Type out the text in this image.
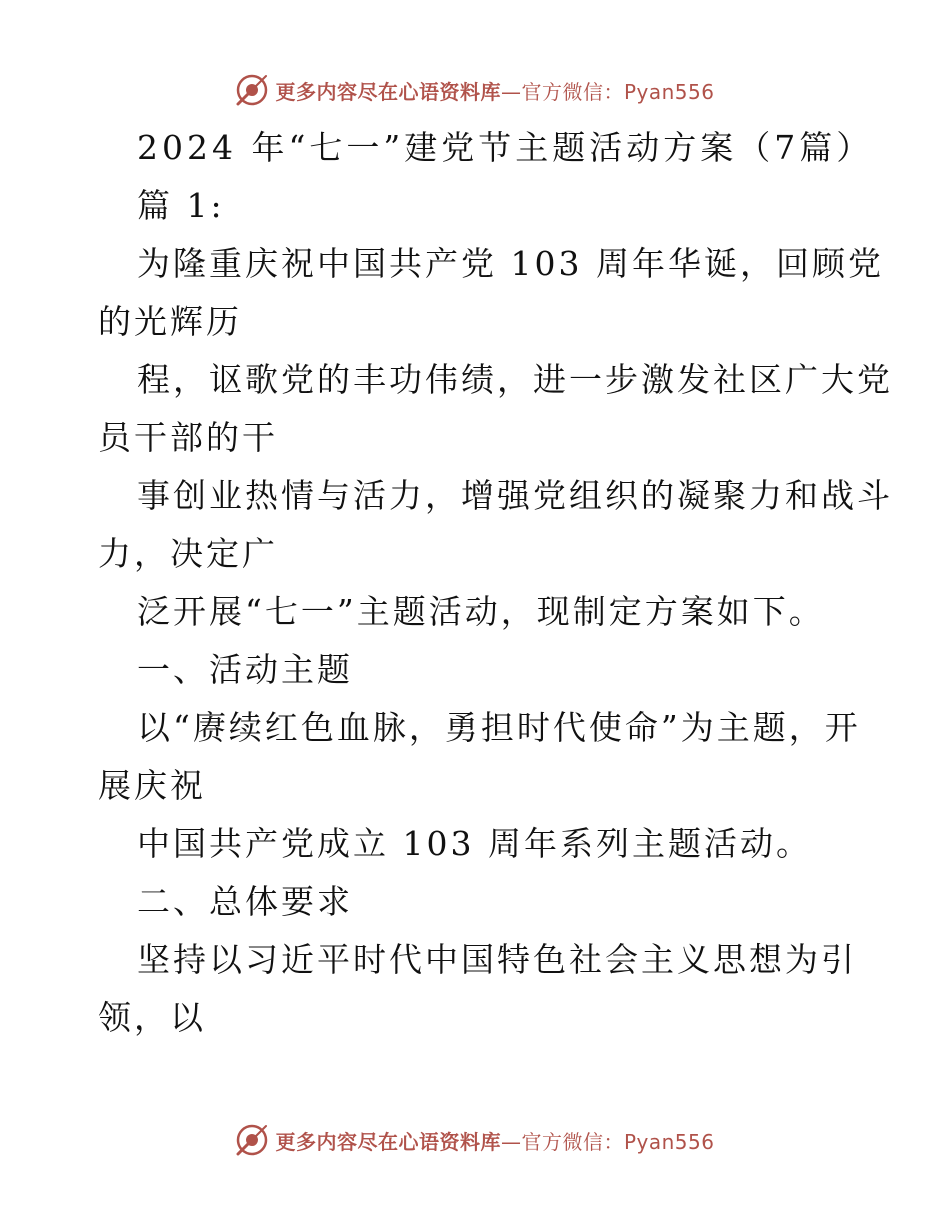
更多内容尽在心语资料库—官方微信：Pyan556
2024 年“七一”建党节主题活动方案（7篇）
篇 1:
为隆重庆祝中国共产党 103 周年华诞，回顾党
的光辉历
程，讴歌党的丰功伟绩，进一步激发社区广大党
员干部的干
事创业热情与活力，增强党组织的凝聚力和战斗
力，决定广
泛开展“七一”主题活动，现制定方案如下。
一、活动主题
以“赓续红色血脉，勇担时代使命”为主题，开
展庆祝
中国共产党成立 103 周年系列主题活动。
二、总体要求
坚持以习近平时代中国特色社会主义思想为引
领，以
更多内容尽在心语资料库—官方微信：Pyan556
